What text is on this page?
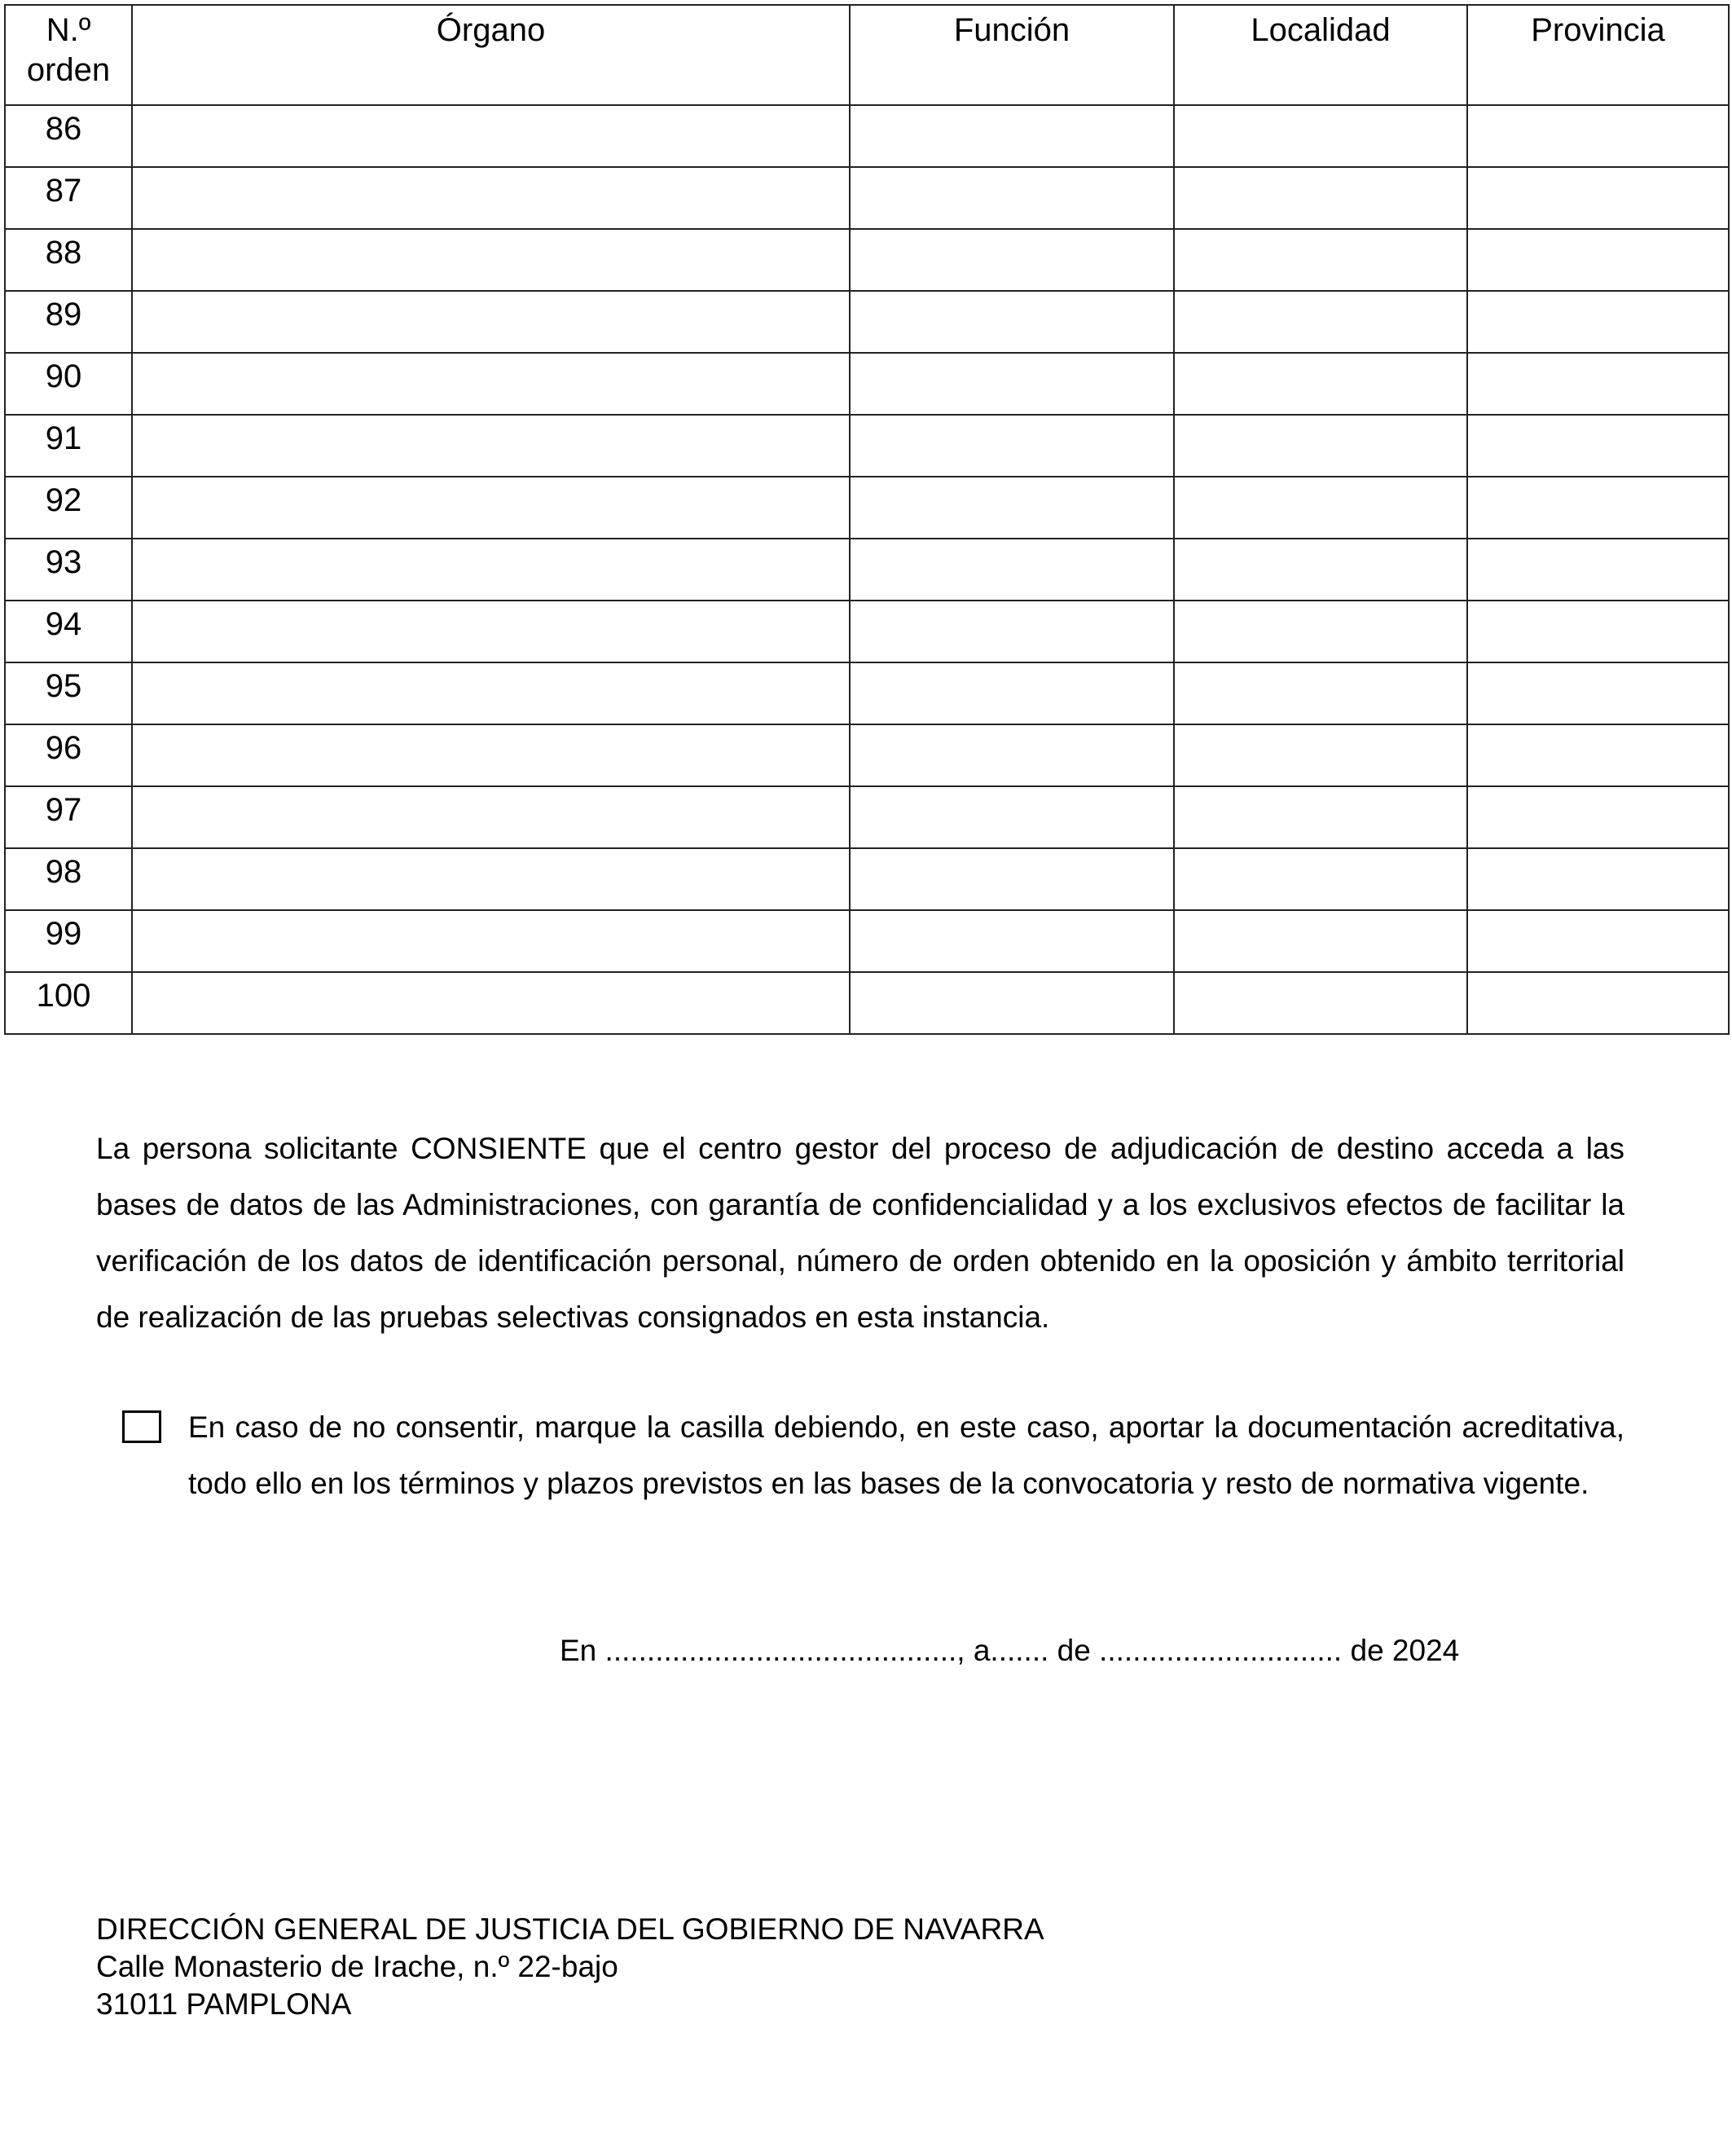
N.º
orden	Órgano	Función	Localidad	Provincia
86				
87				
88				
89				
90				
91				
92				
93				
94				
95				
96				
97				
98				
99				
100				

La persona solicitante CONSIENTE que el centro gestor del proceso de adjudicación de destino acceda a las bases de datos de las Administraciones, con garantía de confidencialidad y a los exclusivos efectos de facilitar la verificación de los datos de identificación personal, número de orden obtenido en la oposición y ámbito territorial de realización de las pruebas selectivas consignados en esta instancia.

En caso de no consentir, marque la casilla debiendo, en este caso, aportar la documentación acreditativa, todo ello en los términos y plazos previstos en las bases de la convocatoria y resto de normativa vigente.

En .........................................., a....... de ............................. de 2024
DIRECCIÓN GENERAL DE JUSTICIA DEL GOBIERNO DE NAVARRA
Calle Monasterio de Irache, n.º 22-bajo
31011 PAMPLONA
